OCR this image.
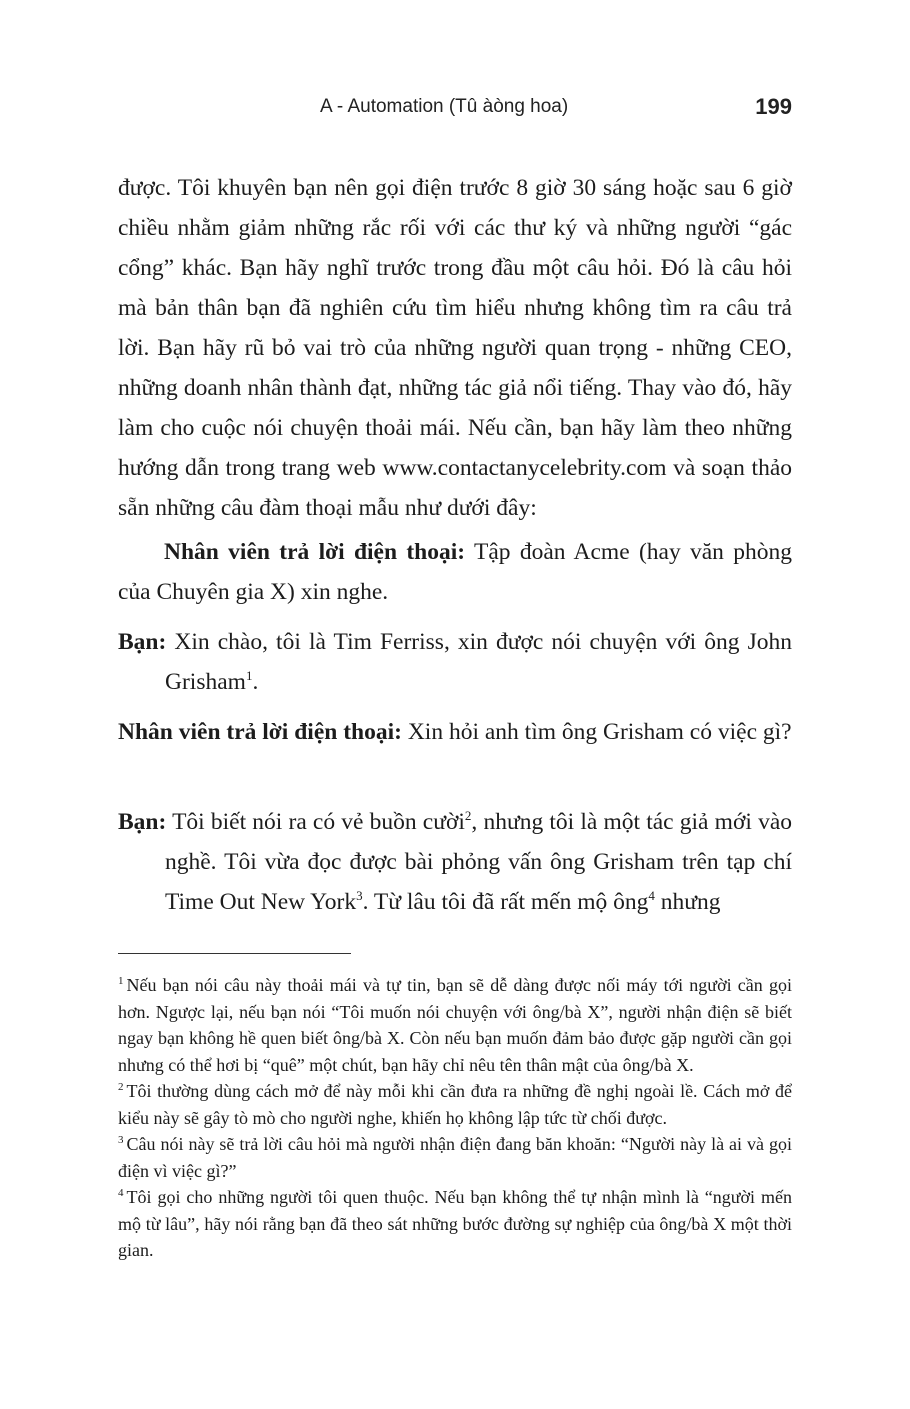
A - Automation (Tû àòng hoa)	199

được. Tôi khuyên bạn nên gọi điện trước 8 giờ 30 sáng hoặc sau 6 giờ chiều nhằm giảm những rắc rối với các thư ký và những người “gác cổng” khác. Bạn hãy nghĩ trước trong đầu một câu hỏi. Đó là câu hỏi mà bản thân bạn đã nghiên cứu tìm hiểu nhưng không tìm ra câu trả lời. Bạn hãy rũ bỏ vai trò của những người quan trọng - những CEO, những doanh nhân thành đạt, những tác giả nổi tiếng. Thay vào đó, hãy làm cho cuộc nói chuyện thoải mái. Nếu cần, bạn hãy làm theo những hướng dẫn trong trang web www.contactanycelebrity.com và soạn thảo sẵn những câu đàm thoại mẫu như dưới đây:

Nhân viên trả lời điện thoại: Tập đoàn Acme (hay văn phòng của Chuyên gia X) xin nghe.
Bạn: Xin chào, tôi là Tim Ferriss, xin được nói chuyện với ông John Grisham$^1$.
Nhân viên trả lời điện thoại: Xin hỏi anh tìm ông Grisham có việc gì?
Bạn: Tôi biết nói ra có vẻ buồn cười$^2$, nhưng tôi là một tác giả mới vào nghề. Tôi vừa đọc được bài phỏng vấn ông Grisham trên tạp chí Time Out New York$^3$. Từ lâu tôi đã rất mến mộ ông$^4$ nhưng

$^1$ Nếu bạn nói câu này thoải mái và tự tin, bạn sẽ dễ dàng được nối máy tới người cần gọi hơn. Ngược lại, nếu bạn nói “Tôi muốn nói chuyện với ông/bà X”, người nhận điện sẽ biết ngay bạn không hề quen biết ông/bà X. Còn nếu bạn muốn đảm bảo được gặp người cần gọi nhưng có thể hơi bị “quê” một chút, bạn hãy chỉ nêu tên thân mật của ông/bà X.

$^2$ Tôi thường dùng cách mở để này mỗi khi cần đưa ra những đề nghị ngoài lề. Cách mở để kiểu này sẽ gây tò mò cho người nghe, khiến họ không lập tức từ chối được.

$^3$ Câu nói này sẽ trả lời câu hỏi mà người nhận điện đang băn khoăn: “Người này là ai và gọi điện vì việc gì?”

$^4$ Tôi gọi cho những người tôi quen thuộc. Nếu bạn không thể tự nhận mình là “người mến mộ từ lâu”, hãy nói rằng bạn đã theo sát những bước đường sự nghiệp của ông/bà X một thời gian.
